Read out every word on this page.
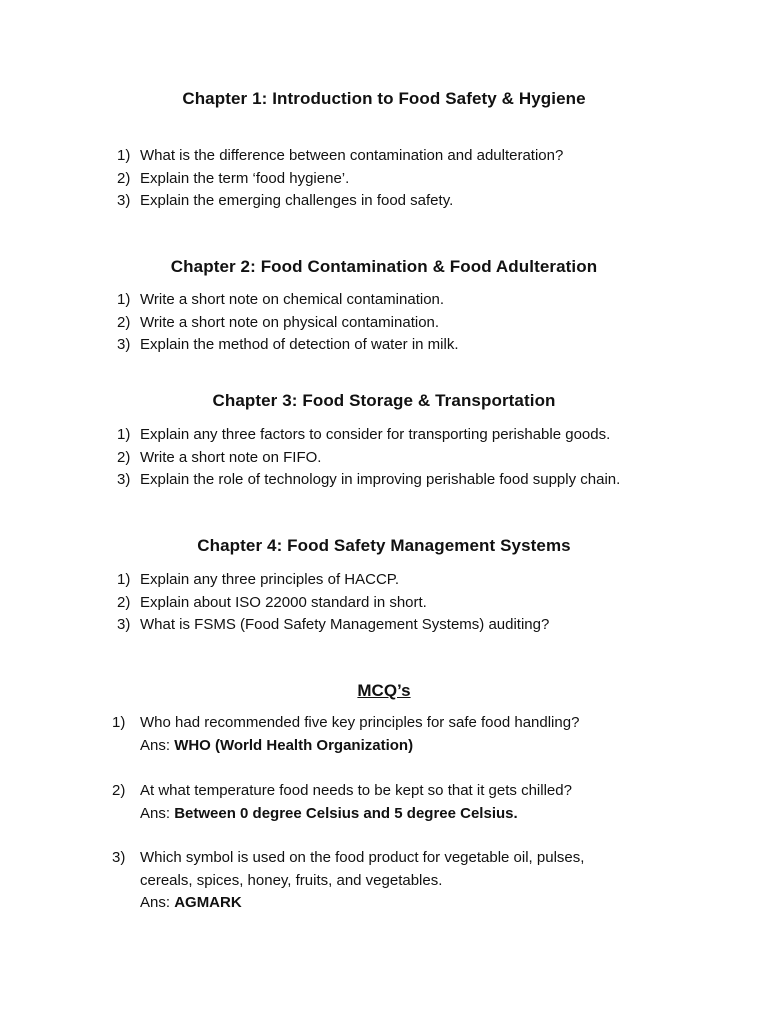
Chapter 1: Introduction to Food Safety & Hygiene
1) What is the difference between contamination and adulteration?
2) Explain the term ‘food hygiene’.
3) Explain the emerging challenges in food safety.
Chapter 2: Food Contamination & Food Adulteration
1) Write a short note on chemical contamination.
2) Write a short note on physical contamination.
3) Explain the method of detection of water in milk.
Chapter 3: Food Storage & Transportation
1) Explain any three factors to consider for transporting perishable goods.
2) Write a short note on FIFO.
3) Explain the role of technology in improving perishable food supply chain.
Chapter 4: Food Safety Management Systems
1) Explain any three principles of HACCP.
2) Explain about ISO 22000 standard in short.
3) What is FSMS (Food Safety Management Systems) auditing?
MCQ’s
1) Who had recommended five key principles for safe food handling?
Ans: WHO (World Health Organization)
2) At what temperature food needs to be kept so that it gets chilled?
Ans: Between 0 degree Celsius and 5 degree Celsius.
3) Which symbol is used on the food product for vegetable oil, pulses,
cereals, spices, honey, fruits, and vegetables.
Ans: AGMARK
